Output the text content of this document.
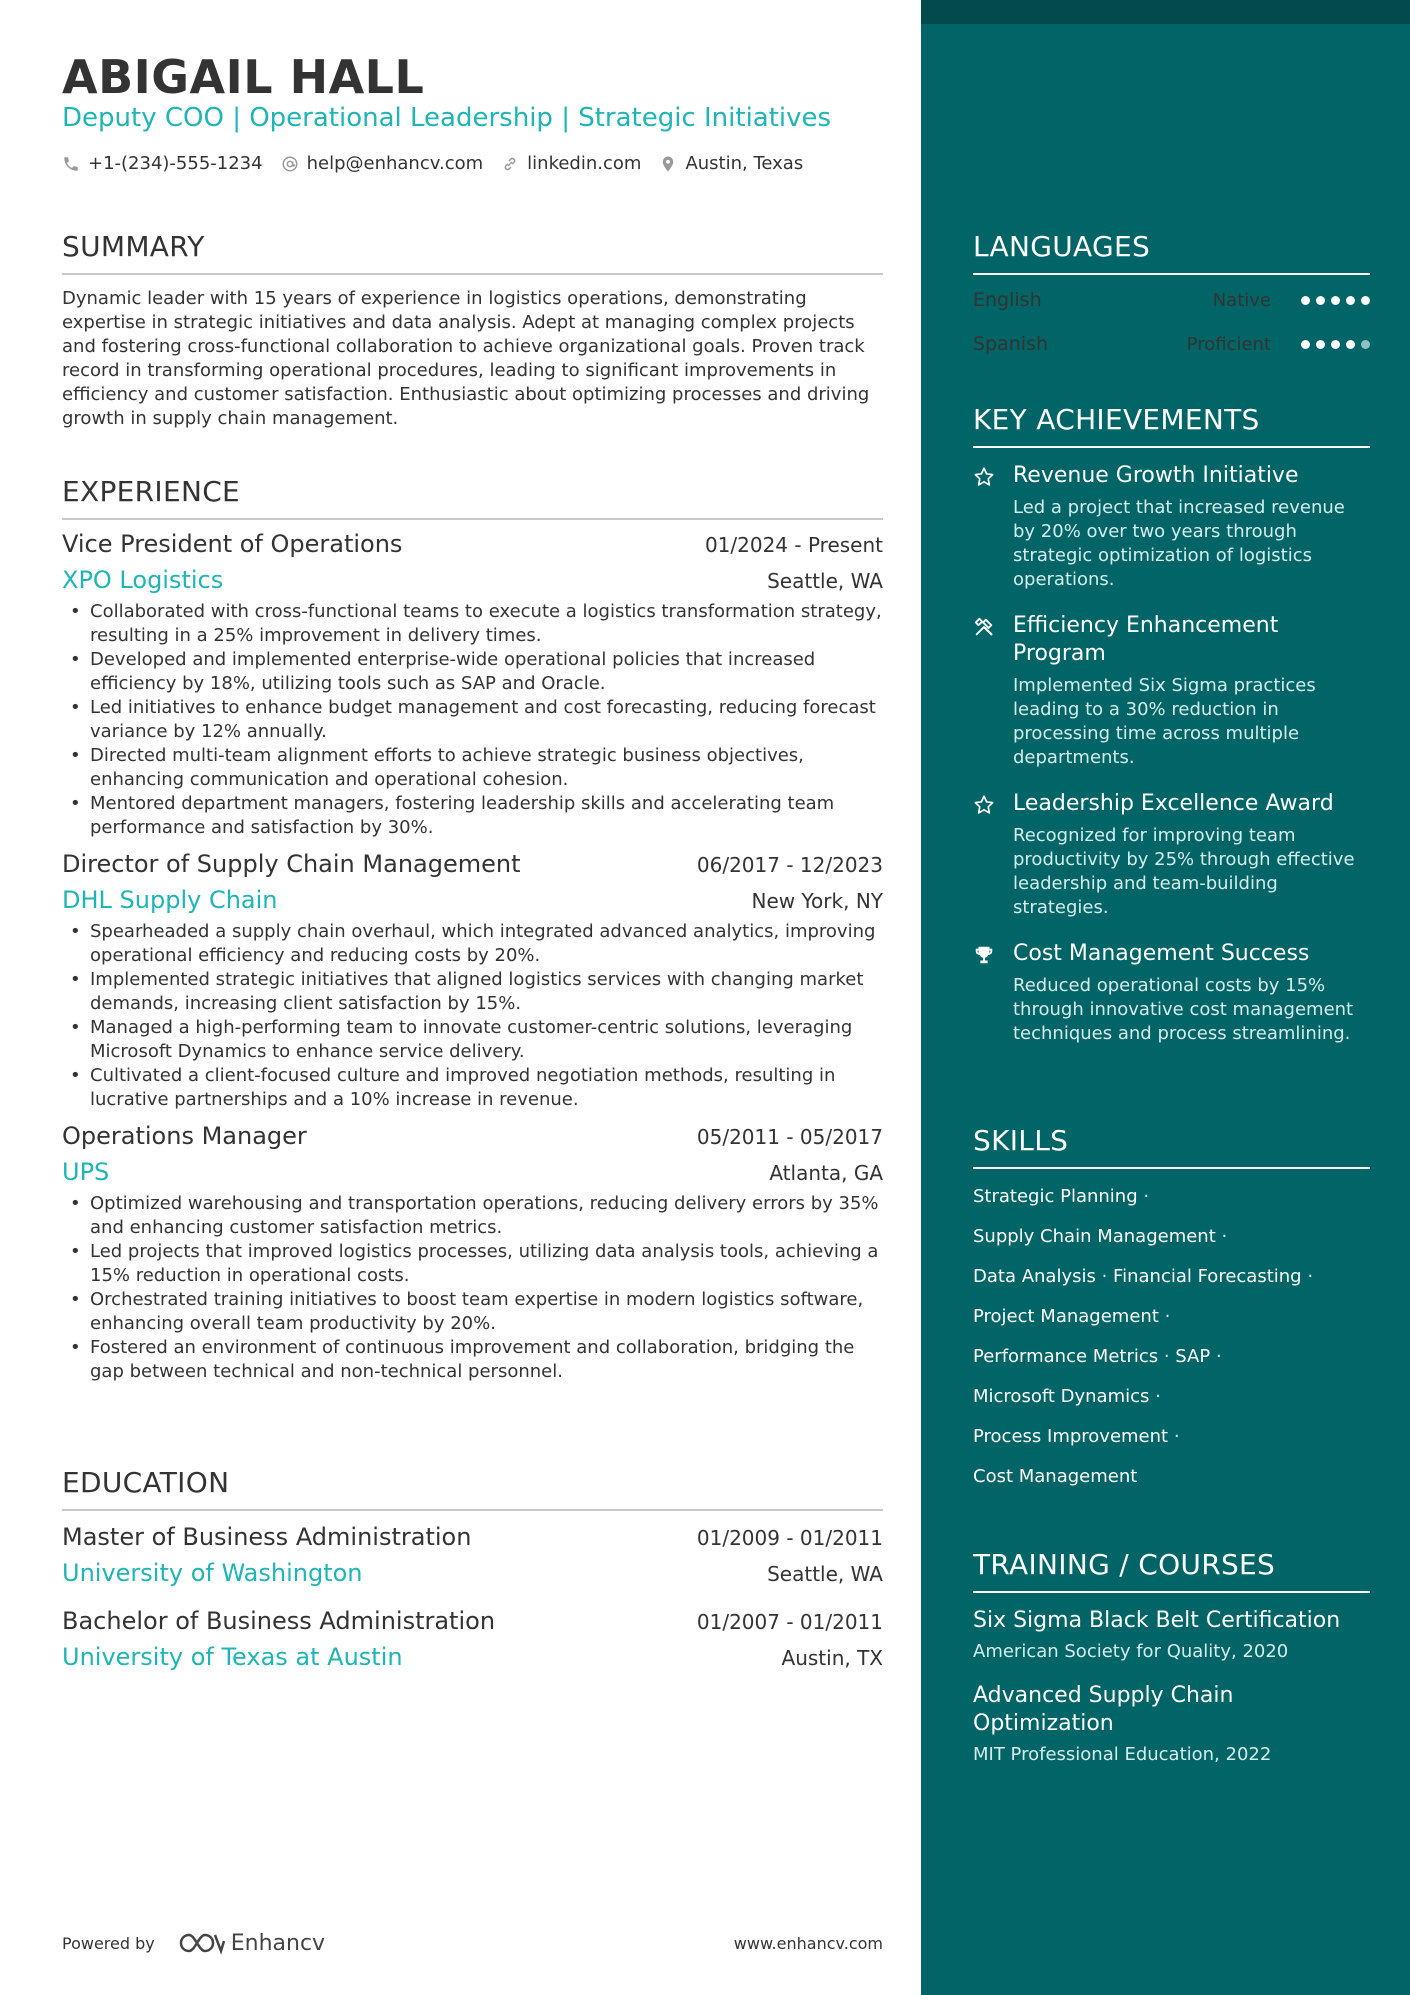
ABIGAIL HALL
Deputy COO | Operational Leadership | Strategic Initiatives
+1-(234)-555-1234 help@enhancv.com linkedin.com Austin, Texas
SUMMARY

Dynamic leader with 15 years of experience in logistics operations, demonstrating expertise in strategic initiatives and data analysis. Adept at managing complex projects and fostering cross-functional collaboration to achieve organizational goals. Proven track record in transforming operational procedures, leading to significant improvements in efficiency and customer satisfaction. Enthusiastic about optimizing processes and driving growth in supply chain management.

EXPERIENCE
Vice President of Operations	01/2024 - Present
XPO Logistics	Seattle, WA
• Collaborated with cross-functional teams to execute a logistics transformation strategy, resulting in a 25% improvement in delivery times.
• Developed and implemented enterprise-wide operational policies that increased efficiency by 18%, utilizing tools such as SAP and Oracle.
• Led initiatives to enhance budget management and cost forecasting, reducing forecast variance by 12% annually.
• Directed multi-team alignment efforts to achieve strategic business objectives, enhancing communication and operational cohesion.
• Mentored department managers, fostering leadership skills and accelerating team performance and satisfaction by 30%.
Director of Supply Chain Management	06/2017 - 12/2023
DHL Supply Chain	New York, NY
• Spearheaded a supply chain overhaul, which integrated advanced analytics, improving operational efficiency and reducing costs by 20%.
• Implemented strategic initiatives that aligned logistics services with changing market demands, increasing client satisfaction by 15%.
• Managed a high-performing team to innovate customer-centric solutions, leveraging Microsoft Dynamics to enhance service delivery.
• Cultivated a client-focused culture and improved negotiation methods, resulting in lucrative partnerships and a 10% increase in revenue.
Operations Manager	05/2011 - 05/2017
UPS	Atlanta, GA
• Optimized warehousing and transportation operations, reducing delivery errors by 35% and enhancing customer satisfaction metrics.
• Led projects that improved logistics processes, utilizing data analysis tools, achieving a 15% reduction in operational costs.
• Orchestrated training initiatives to boost team expertise in modern logistics software, enhancing overall team productivity by 20%.
• Fostered an environment of continuous improvement and collaboration, bridging the gap between technical and non-technical personnel.
EDUCATION
Master of Business Administration	01/2009 - 01/2011
University of Washington	Seattle, WA
Bachelor of Business Administration	01/2007 - 01/2011
University of Texas at Austin	Austin, TX
Powered by	Enhancv	www.enhancv.com
LANGUAGES
English	Native
Spanish	Proficient
KEY ACHIEVEMENTS
Revenue Growth Initiative
Led a project that increased revenue by 20% over two years through strategic optimization of logistics operations.
Efficiency Enhancement Program
Implemented Six Sigma practices leading to a 30% reduction in processing time across multiple departments.
Leadership Excellence Award
Recognized for improving team productivity by 25% through effective leadership and team-building strategies.
Cost Management Success
Reduced operational costs by 15% through innovative cost management techniques and process streamlining.
SKILLS
Strategic Planning ·
Supply Chain Management ·
Data Analysis · Financial Forecasting ·
Project Management ·
Performance Metrics · SAP ·
Microsoft Dynamics ·
Process Improvement ·
Cost Management
TRAINING / COURSES
Six Sigma Black Belt Certification
American Society for Quality, 2020
Advanced Supply Chain Optimization
MIT Professional Education, 2022
